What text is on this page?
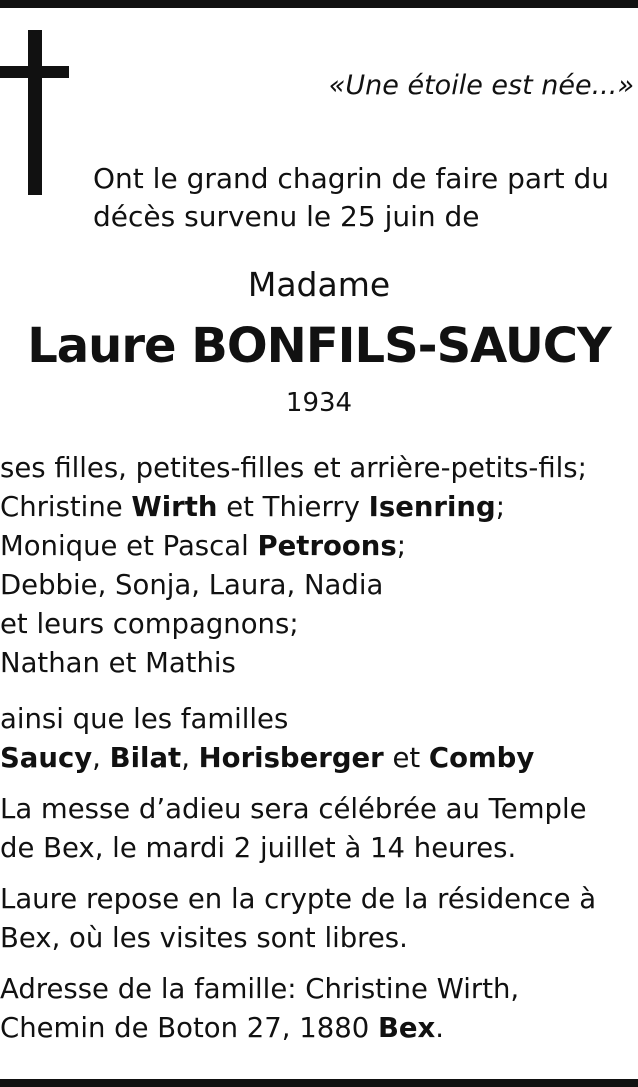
«Une étoile est née...»
Ont le grand chagrin de faire part du
décès survenu le 25 juin de
Madame
Laure BONFILS-SAUCY
1934
ses filles, petites-filles et arrière-petits-fils;
Christine Wirth et Thierry Isenring;
Monique et Pascal Petroons;
Debbie, Sonja, Laura, Nadia
et leurs compagnons;
Nathan et Mathis
ainsi que les familles
Saucy, Bilat, Horisberger et Comby
La messe d’adieu sera célébrée au Temple
de Bex, le mardi 2 juillet à 14 heures.
Laure repose en la crypte de la résidence à
Bex, où les visites sont libres.
Adresse de la famille: Christine Wirth,
Chemin de Boton 27, 1880 Bex.
